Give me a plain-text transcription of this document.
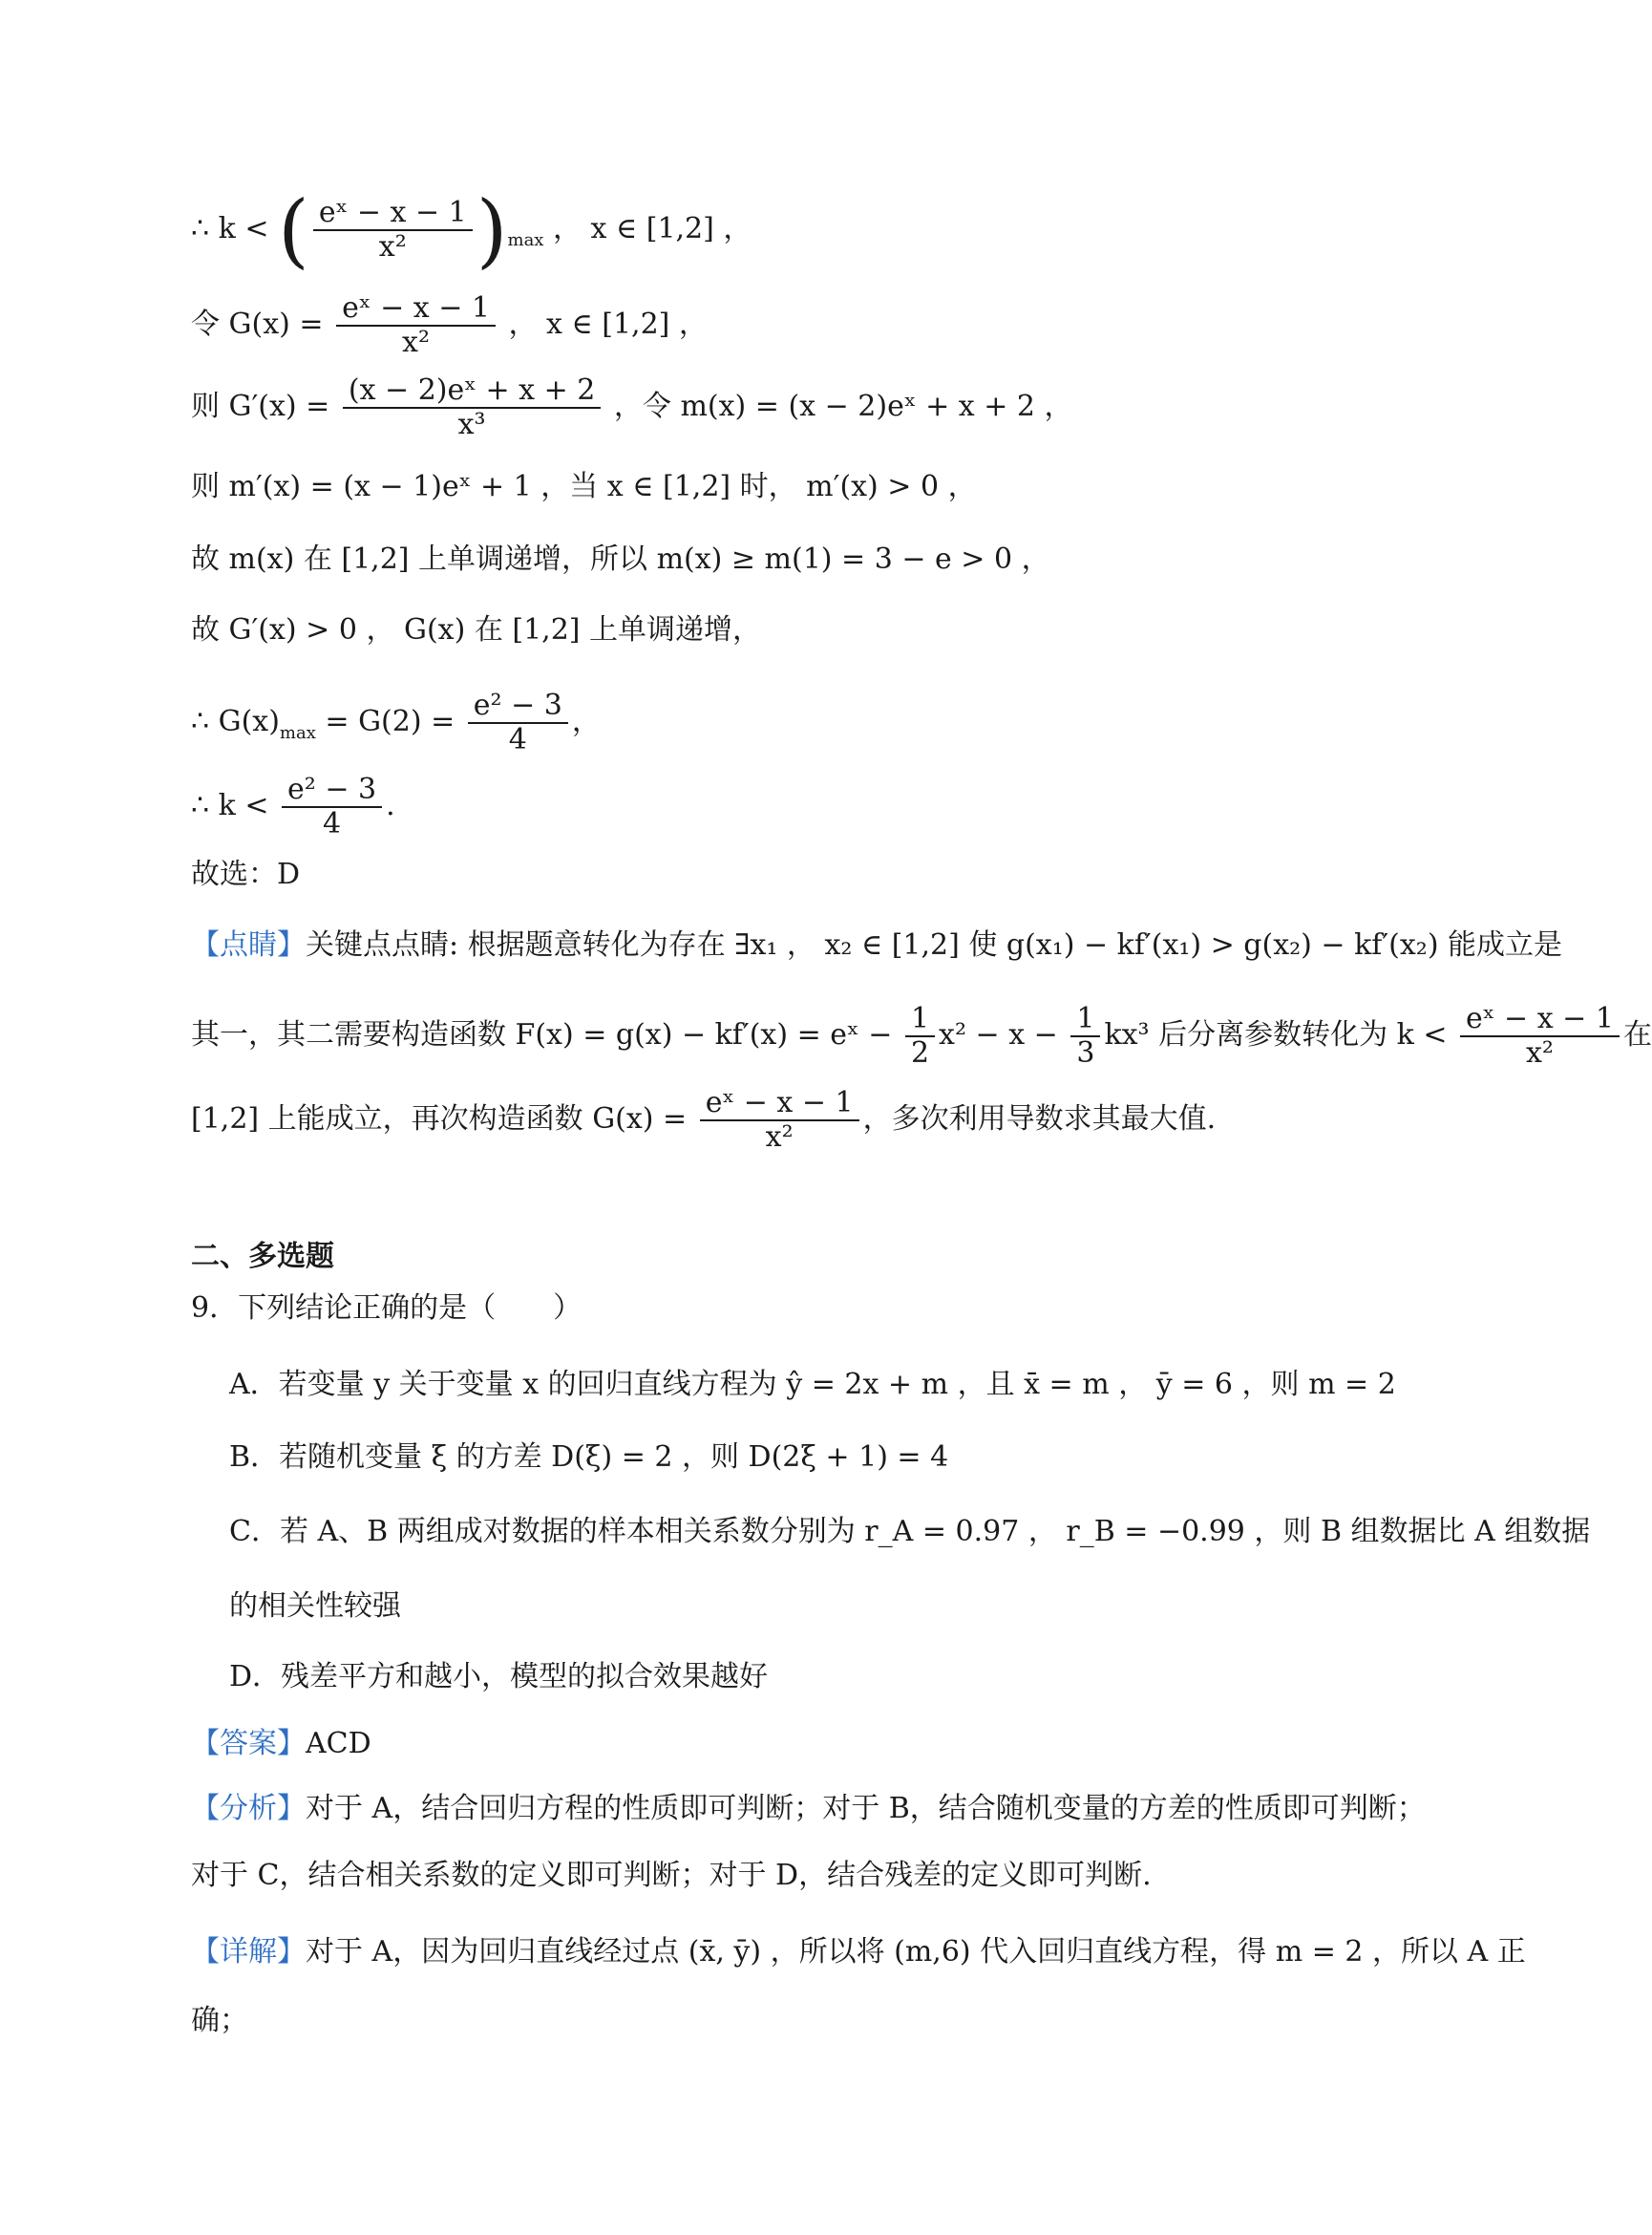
∴ k < ( $\frac{\text{eˣ − x − 1}}{\text{x²}} )_{max}$ ， x ∈ [1,2] ，
令 $G(x) = \frac{\text{eˣ − x − 1}}{\text{x²}}$ ， x ∈ [1,2] ，
则 $G'(x) = \frac{\text{(x − 2)eˣ + x + 2}}{\text{x³}}$ ，令 m(x) = (x − 2)eˣ + x + 2 ，
则 m′(x) = (x − 1)eˣ + 1 ，当 x ∈ [1,2] 时， m′(x) > 0 ，
故 m(x) 在 [1,2] 上单调递增，所以 m(x) ≥ m(1) = 3 − e > 0 ，
故 G′(x) > 0 ， G(x) 在 [1,2] 上单调递增，
∴ $G(x)_{max} = G(2) = \frac{\text{e² − 3}}{4}$ ，
∴ $k < \frac{\text{e² − 3}}{4}$ .
故选：D
【点睛】关键点点睛: 根据题意转化为存在 ∃x₁ ， x₂ ∈ [1,2] 使 g(x₁) − kf′(x₁) > g(x₂) − kf′(x₂) 能成立是
其一，其二需要构造函数 F(x) = g(x) − kf′(x) = eˣ − $\frac{1}{2} x^2 - x - \frac{1}{3} kx^3$ 后分离参数转化为 $k < \frac{\text{eˣ − x − 1}}{\text{x²}}$ 在
[1,2] 上能成立，再次构造函数 $G(x) = \frac{\text{eˣ − x − 1}}{\text{x²}}$ ，多次利用导数求其最大值.
二、多选题
9．下列结论正确的是（　　）
A．若变量 y 关于变量 x 的回归直线方程为 ŷ = 2x + m ，且 x̄ = m ， ȳ = 6 ，则 m = 2
B．若随机变量 ξ 的方差 D(ξ) = 2 ，则 D(2ξ + 1) = 4
C．若 A、B 两组成对数据的样本相关系数分别为 r_A = 0.97 ， r_B = −0.99 ，则 B 组数据比 A 组数据
的相关性较强
D．残差平方和越小，模型的拟合效果越好
【答案】ACD
【分析】对于 A，结合回归方程的性质即可判断；对于 B，结合随机变量的方差的性质即可判断；
对于 C，结合相关系数的定义即可判断；对于 D，结合残差的定义即可判断.
【详解】对于 A，因为回归直线经过点 (x̄, ȳ) ，所以将 (m,6) 代入回归直线方程，得 m = 2 ，所以 A 正
确；
